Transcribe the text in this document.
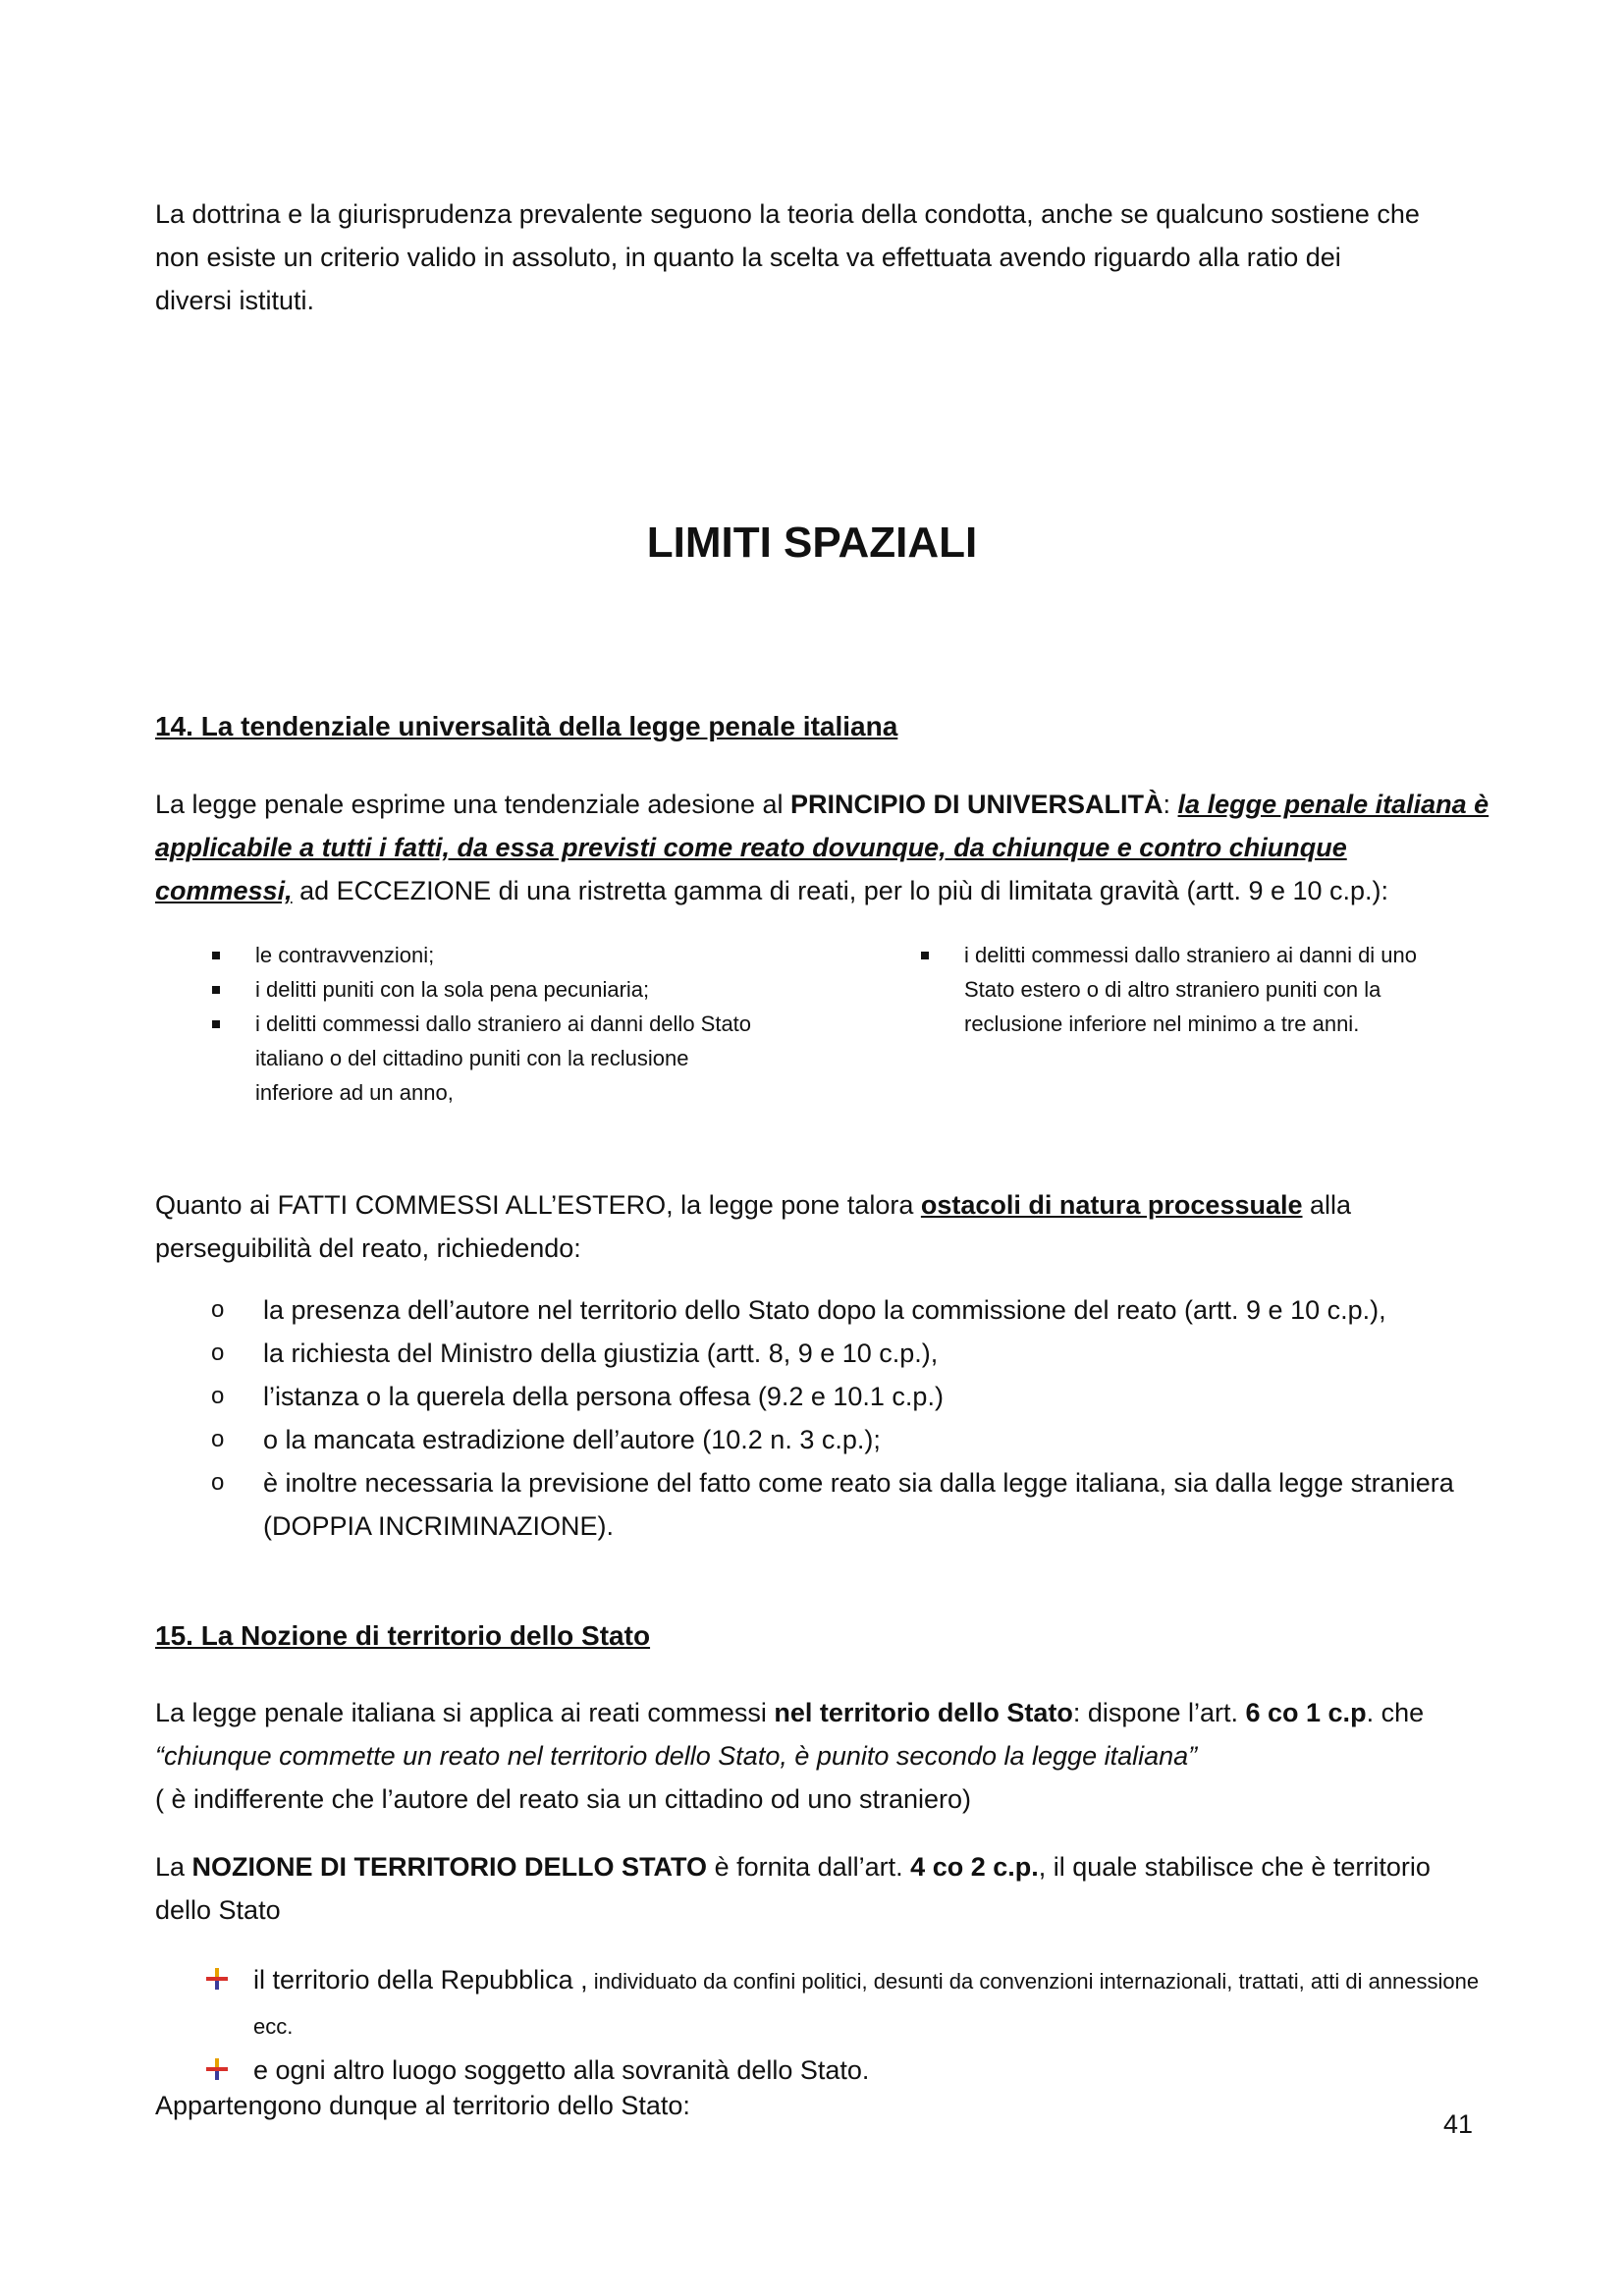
La dottrina e la giurisprudenza prevalente seguono la teoria della condotta, anche se qualcuno sostiene che
non esiste un criterio valido in assoluto, in quanto la scelta va effettuata avendo riguardo alla ratio dei
diversi istituti.

LIMITI SPAZIALI
14. La tendenziale universalità della legge penale italiana

La legge penale esprime una tendenziale adesione al PRINCIPIO DI UNIVERSALITÀ: la legge penale italiana è applicabile a tutti i fatti, da essa previsti come reato dovunque, da chiunque e contro chiunque commessi, ad ECCEZIONE di una ristretta gamma di reati, per lo più di limitata gravità (artt. 9 e 10 c.p.):

le contravvenzioni;
i delitti puniti con la sola pena pecuniaria;
i delitti commessi dallo straniero ai danni dello Stato italiano o del cittadino puniti con la reclusione inferiore ad un anno,
i delitti commessi dallo straniero ai danni di uno Stato estero o di altro straniero puniti con la reclusione inferiore nel minimo a tre anni.

Quanto ai FATTI COMMESSI ALL’ESTERO, la legge pone talora ostacoli di natura processuale alla perseguibilità del reato, richiedendo:

o la presenza dell’autore nel territorio dello Stato dopo la commissione del reato (artt. 9 e 10 c.p.),
o la richiesta del Ministro della giustizia (artt. 8, 9 e 10 c.p.),
o l’istanza o la querela della persona offesa (9.2 e 10.1 c.p.)
o o la mancata estradizione dell’autore (10.2 n. 3 c.p.);
o è inoltre necessaria la previsione del fatto come reato sia dalla legge italiana, sia dalla legge straniera (DOPPIA INCRIMINAZIONE).
15. La Nozione di territorio dello Stato

La legge penale italiana si applica ai reati commessi nel territorio dello Stato: dispone l’art. 6 co 1 c.p. che
“chiunque commette un reato nel territorio dello Stato, è punito secondo la legge italiana”
( è indifferente che l’autore del reato sia un cittadino od uno straniero)

La NOZIONE DI TERRITORIO DELLO STATO è fornita dall’art. 4 co 2 c.p., il quale stabilisce che è territorio dello Stato

il territorio della Repubblica , individuato da confini politici, desunti da convenzioni internazionali, trattati, atti di annessione ecc.
e ogni altro luogo soggetto alla sovranità dello Stato.

Appartengono dunque al territorio dello Stato:

41
